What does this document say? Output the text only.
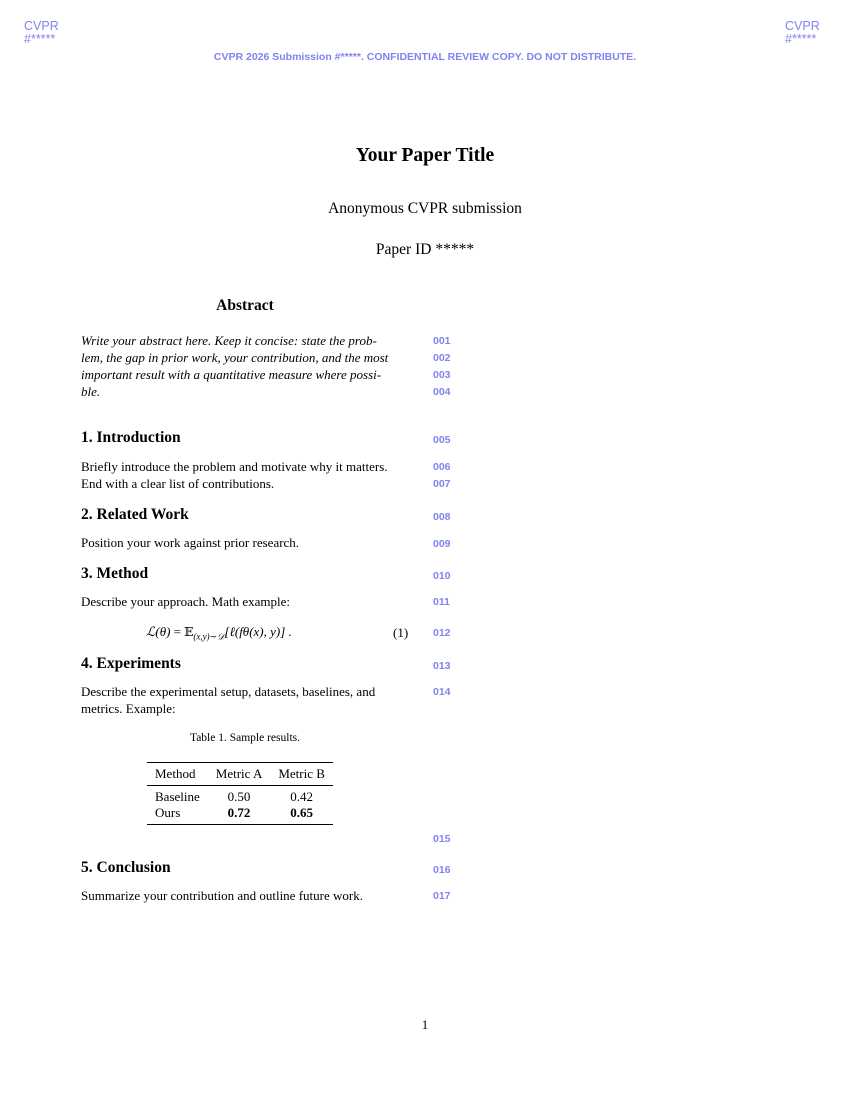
CVPR
#*****
CVPR
#*****
CVPR 2026 Submission #*****. CONFIDENTIAL REVIEW COPY. DO NOT DISTRIBUTE.
Your Paper Title
Anonymous CVPR submission
Paper ID *****
Abstract
Write your abstract here. Keep it concise: state the prob-
lem, the gap in prior work, your contribution, and the most
important result with a quantitative measure where possi-
ble.
1. Introduction
Briefly introduce the problem and motivate why it matters.
End with a clear list of contributions.
2. Related Work
Position your work against prior research.
3. Method
Describe your approach. Math example:
ℒ(θ) = 𝔼$_{(x,y)\sim 𝒟}$[ℓ(fθ(x), y)] .	(1)
4. Experiments
Describe the experimental setup, datasets, baselines, and
metrics. Example:
Table 1. Sample results.
Method	Metric A	Metric B
Baseline	0.50	0.42
Ours	0.72	0.65
5. Conclusion
Summarize your contribution and outline future work.
001
002
003
004
005
006
007
008
009
010
011
012
013
014
015
016
017
1
